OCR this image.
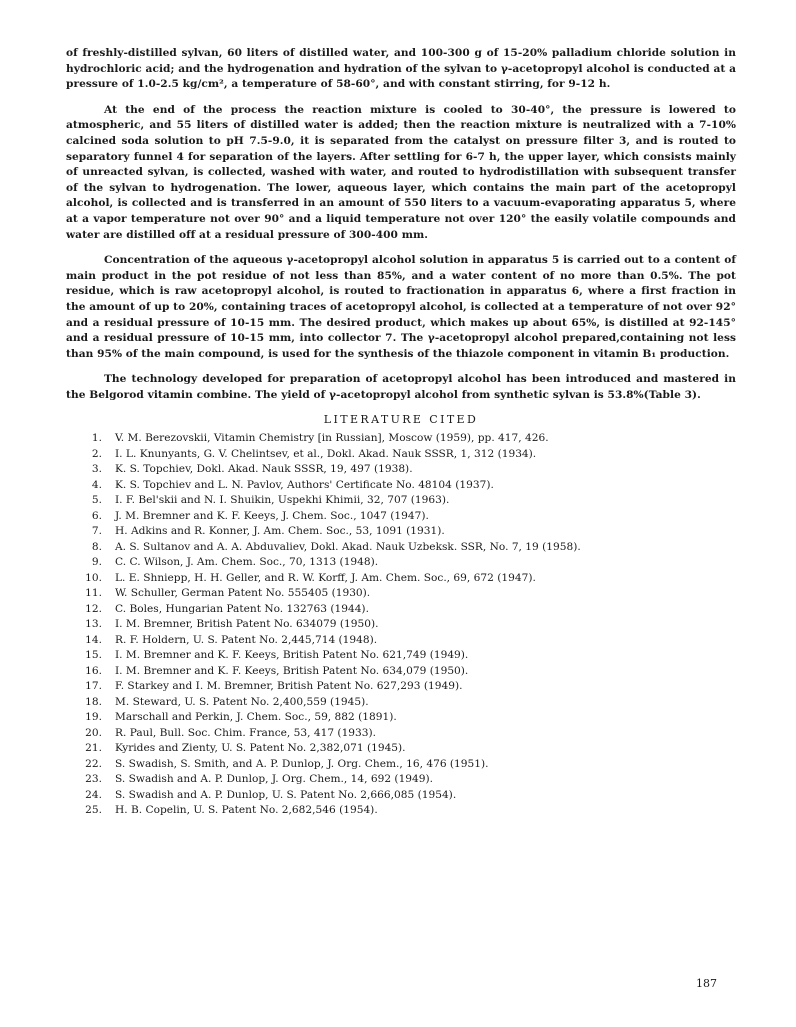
of freshly-distilled sylvan, 60 liters of distilled water, and 100-300 g of 15-20% palladium chloride solution in hydrochloric acid; and the hydrogenation and hydration of the sylvan to γ-acetopropyl alcohol is conducted at a pressure of 1.0-2.5 kg/cm², a temperature of 58-60°, and with constant stirring, for 9-12 h.

At the end of the process the reaction mixture is cooled to 30-40°, the pressure is lowered to atmospheric, and 55 liters of distilled water is added; then the reaction mixture is neutralized with a 7-10% calcined soda solution to pH 7.5-9.0, it is separated from the catalyst on pressure filter 3, and is routed to separatory funnel 4 for separation of the layers. After settling for 6-7 h, the upper layer, which consists mainly of unreacted sylvan, is collected, washed with water, and routed to hydrodistillation with subsequent transfer of the sylvan to hydrogenation. The lower, aqueous layer, which contains the main part of the acetopropyl alcohol, is collected and is transferred in an amount of 550 liters to a vacuum-evaporating apparatus 5, where at a vapor temperature not over 90° and a liquid temperature not over 120° the easily volatile compounds and water are distilled off at a residual pressure of 300-400 mm.

Concentration of the aqueous γ-acetopropyl alcohol solution in apparatus 5 is carried out to a content of main product in the pot residue of not less than 85%, and a water content of no more than 0.5%. The pot residue, which is raw acetopropyl alcohol, is routed to fractionation in apparatus 6, where a first fraction in the amount of up to 20%, containing traces of acetopropyl alcohol, is collected at a temperature of not over 92° and a residual pressure of 10-15 mm. The desired product, which makes up about 65%, is distilled at 92-145° and a residual pressure of 10-15 mm, into collector 7. The γ-acetopropyl alcohol prepared,containing not less than 95% of the main compound, is used for the synthesis of the thiazole component in vitamin B₁ production.

The technology developed for preparation of acetopropyl alcohol has been introduced and mastered in the Belgorod vitamin combine. The yield of γ-acetopropyl alcohol from synthetic sylvan is 53.8%(Table 3).

LITERATURE CITED
1.	V. M. Berezovskii, Vitamin Chemistry [in Russian], Moscow (1959), pp. 417, 426.
2.	I. L. Knunyants, G. V. Chelintsev, et al., Dokl. Akad. Nauk SSSR, 1, 312 (1934).
3.	K. S. Topchiev, Dokl. Akad. Nauk SSSR, 19, 497 (1938).
4.	K. S. Topchiev and L. N. Pavlov, Authors' Certificate No. 48104 (1937).
5.	I. F. Bel'skii and N. I. Shuikin, Uspekhi Khimii, 32, 707 (1963).
6.	J. M. Bremner and K. F. Keeys, J. Chem. Soc., 1047 (1947).
7.	H. Adkins and R. Konner, J. Am. Chem. Soc., 53, 1091 (1931).
8.	A. S. Sultanov and A. A. Abduvaliev, Dokl. Akad. Nauk Uzbeksk. SSR, No. 7, 19 (1958).
9.	C. C. Wilson, J. Am. Chem. Soc., 70, 1313 (1948).
10.	L. E. Shniepp, H. H. Geller, and R. W. Korff, J. Am. Chem. Soc., 69, 672 (1947).
11.	W. Schuller, German Patent No. 555405 (1930).
12.	C. Boles, Hungarian Patent No. 132763 (1944).
13.	I. M. Bremner, British Patent No. 634079 (1950).
14.	R. F. Holdern, U. S. Patent No. 2,445,714 (1948).
15.	I. M. Bremner and K. F. Keeys, British Patent No. 621,749 (1949).
16.	I. M. Bremner and K. F. Keeys, British Patent No. 634,079 (1950).
17.	F. Starkey and I. M. Bremner, British Patent No. 627,293 (1949).
18.	M. Steward, U. S. Patent No. 2,400,559 (1945).
19.	Marschall and Perkin, J. Chem. Soc., 59, 882 (1891).
20.	R. Paul, Bull. Soc. Chim. France, 53, 417 (1933).
21.	Kyrides and Zienty, U. S. Patent No. 2,382,071 (1945).
22.	S. Swadish, S. Smith, and A. P. Dunlop, J. Org. Chem., 16, 476 (1951).
23.	S. Swadish and A. P. Dunlop, J. Org. Chem., 14, 692 (1949).
24.	S. Swadish and A. P. Dunlop, U. S. Patent No. 2,666,085 (1954).
25.	H. B. Copelin, U. S. Patent No. 2,682,546 (1954).
187
